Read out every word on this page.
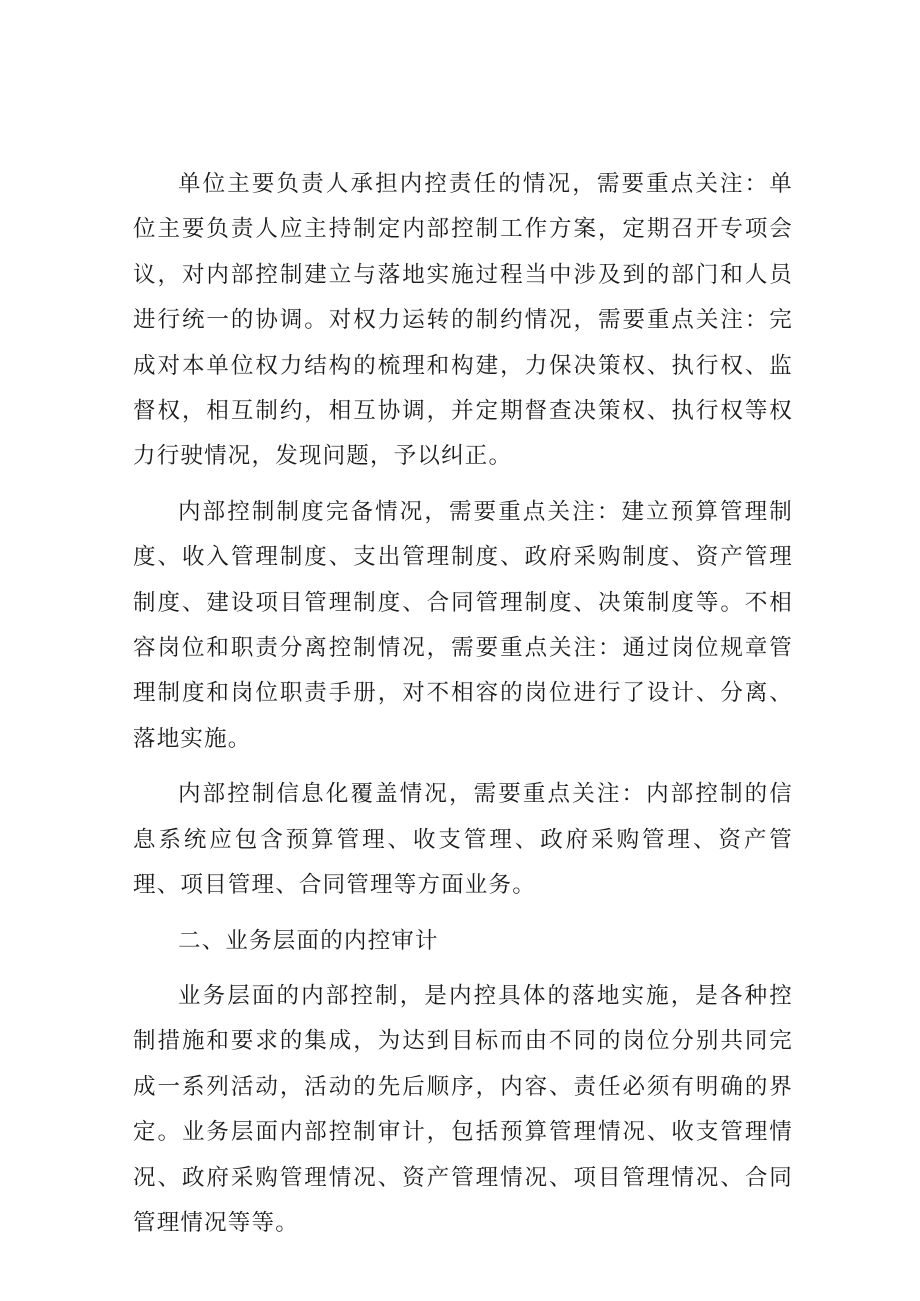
单位主要负责人承担内控责任的情况，需要重点关注：单位主要负责人应主持制定内部控制工作方案，定期召开专项会议，对内部控制建立与落地实施过程当中涉及到的部门和人员进行统一的协调。对权力运转的制约情况，需要重点关注：完成对本单位权力结构的梳理和构建，力保决策权、执行权、监督权，相互制约，相互协调，并定期督查决策权、执行权等权力行驶情况，发现问题，予以纠正。

内部控制制度完备情况，需要重点关注：建立预算管理制度、收入管理制度、支出管理制度、政府采购制度、资产管理制度、建设项目管理制度、合同管理制度、决策制度等。不相容岗位和职责分离控制情况，需要重点关注：通过岗位规章管理制度和岗位职责手册，对不相容的岗位进行了设计、分离、落地实施。

内部控制信息化覆盖情况，需要重点关注：内部控制的信息系统应包含预算管理、收支管理、政府采购管理、资产管理、项目管理、合同管理等方面业务。

二、业务层面的内控审计

业务层面的内部控制，是内控具体的落地实施，是各种控制措施和要求的集成，为达到目标而由不同的岗位分别共同完成一系列活动，活动的先后顺序，内容、责任必须有明确的界定。业务层面内部控制审计，包括预算管理情况、收支管理情况、政府采购管理情况、资产管理情况、项目管理情况、合同管理情况等等。
